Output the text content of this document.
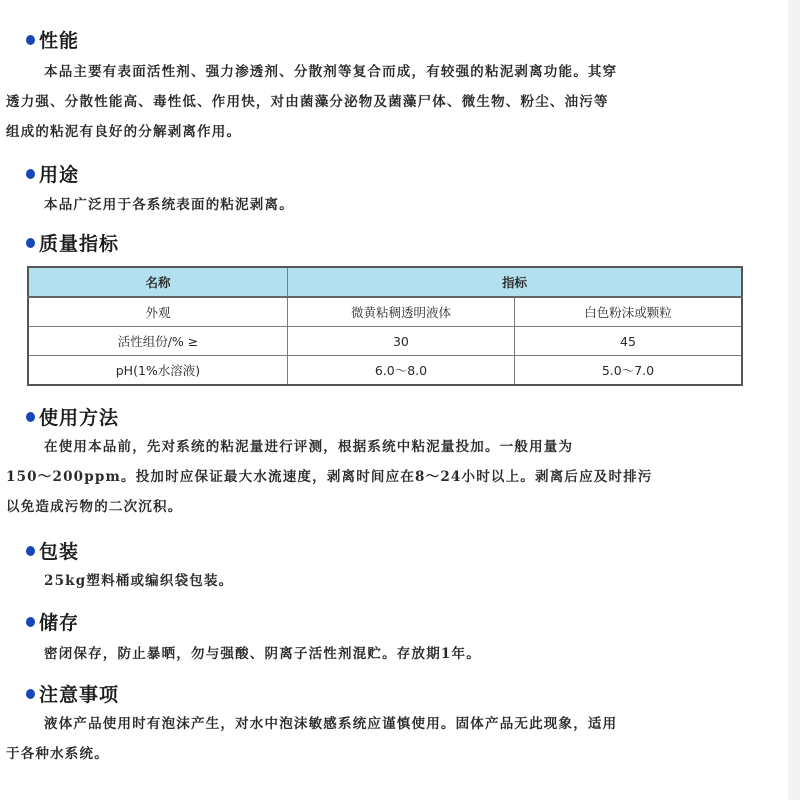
性能
本品主要有表面活性剂、强力渗透剂、分散剂等复合而成，有较强的粘泥剥离功能。其穿
透力强、分散性能高、毒性低、作用快，对由菌藻分泌物及菌藻尸体、微生物、粉尘、油污等
组成的粘泥有良好的分解剥离作用。
用途
本品广泛用于各系统表面的粘泥剥离。
质量指标
名称	指标	
外观	微黄粘稠透明液体	白色粉沫或颗粒
活性组份/% ≥	30	45
pH(1%水溶液)	6.0～8.0	5.0～7.0
使用方法
在使用本品前，先对系统的粘泥量进行评测，根据系统中粘泥量投加。一般用量为
150～200ppm。投加时应保证最大水流速度，剥离时间应在8～24小时以上。剥离后应及时排污
以免造成污物的二次沉积。
包装
25kg塑料桶或编织袋包装。
储存
密闭保存，防止暴晒，勿与强酸、阴离子活性剂混贮。存放期1年。
注意事项
液体产品使用时有泡沫产生，对水中泡沫敏感系统应谨慎使用。固体产品无此现象，适用
于各种水系统。
